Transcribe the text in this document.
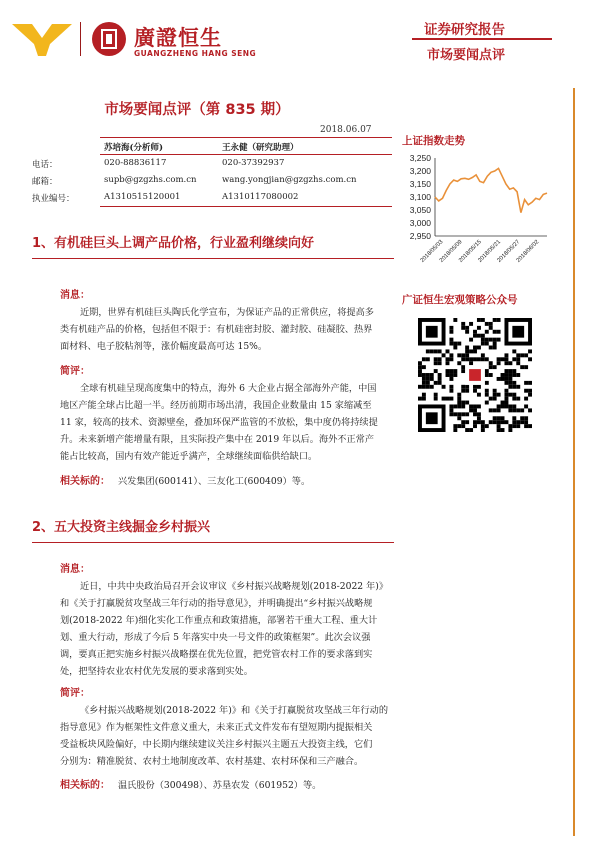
廣證恒生
GUANGZHENG HANG SENG
证券研究报告
市场要闻点评
市场要闻点评（第 835 期）
2018.06.07
苏培海(分析师)	王永健（研究助理）
电话：	020-88836117	020-37392937
邮箱：	supb@gzgzhs.com.cn	wang.yongjian@gzgzhs.com.cn
执业编号：	A1310515120001	A1310117080002
1、有机硅巨头上调产品价格，行业盈利继续向好
消息：
近期，世界有机硅巨头陶氏化学宣布，为保证产品的正常供应，将提高多
类有机硅产品的价格，包括但不限于：有机硅密封胶、灌封胶、硅凝胶、热界
面材料、电子胶粘剂等，涨价幅度最高可达 15%。
简评：
全球有机硅呈现高度集中的特点，海外 6 大企业占据全部海外产能，中国
地区产能全球占比超一半。经历前期市场出清，我国企业数量由 15 家缩减至
11 家，较高的技术、资源壁垒，叠加环保严监管的不放松，集中度仍将持续提
升。未来新增产能增量有限，且实际投产集中在 2019 年以后。海外不正常产
能占比较高，国内有效产能近乎满产，全球继续面临供给缺口。
相关标的： 兴发集团(600141）、三友化工(600409）等。
2、五大投资主线掘金乡村振兴
消息：
近日，中共中央政治局召开会议审议《乡村振兴战略规划(2018-2022 年)》
和《关于打赢脱贫攻坚战三年行动的指导意见》，并明确提出“乡村振兴战略规
划(2018-2022 年)细化实化工作重点和政策措施，部署若干重大工程、重大计
划、重大行动，形成了今后 5 年落实中央一号文件的政策框架”。此次会议强
调，要真正把实施乡村振兴战略摆在优先位置，把党管农村工作的要求落到实
处，把坚持农业农村优先发展的要求落到实处。
简评：
《乡村振兴战略规划(2018-2022 年)》和《关于打赢脱贫攻坚战三年行动的
指导意见》作为框架性文件意义重大，未来正式文件发布有望短期内提振相关
受益板块风险偏好，中长期内继续建议关注乡村振兴主题五大投资主线，它们
分别为：精准脱贫、农村土地制度改革、农村基建、农村环保和三产融合。
相关标的： 温氏股份（300498）、苏垦农发（601952）等。
上证指数走势
2,950
3,000
3,050
3,100
3,150
3,200
3,250
2018/05/03
2018/05/09
2018/05/15
2018/05/21
2018/05/27
2018/06/02
广证恒生宏观策略公众号
